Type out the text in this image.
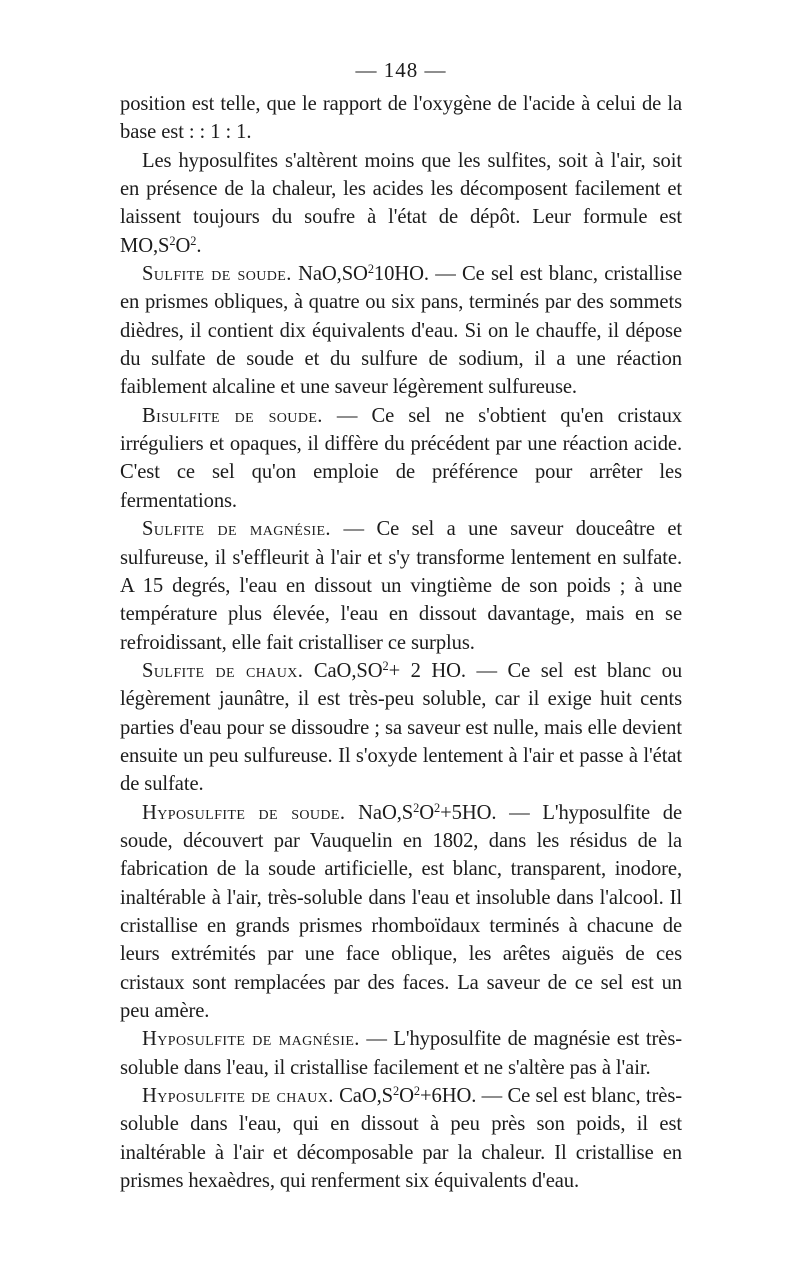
— 148 —

position est telle, que le rapport de l'oxygène de l'acide à celui de la base est : : 1 : 1.

Les hyposulfites s'altèrent moins que les sulfites, soit à l'air, soit en présence de la chaleur, les acides les décomposent facilement et laissent toujours du soufre à l'état de dépôt. Leur formule est $MO,S^2O^2$.

Sulfite de soude. $NaO,SO^210HO$. — Ce sel est blanc, cristallise en prismes obliques, à quatre ou six pans, terminés par des sommets dièdres, il contient dix équivalents d'eau. Si on le chauffe, il dépose du sulfate de soude et du sulfure de sodium, il a une réaction faiblement alcaline et une saveur légèrement sulfureuse.

Bisulfite de soude. — Ce sel ne s'obtient qu'en cristaux irréguliers et opaques, il diffère du précédent par une réaction acide. C'est ce sel qu'on emploie de préférence pour arrêter les fermentations.

Sulfite de magnésie. — Ce sel a une saveur douceâtre et sulfureuse, il s'effleurit à l'air et s'y transforme lentement en sulfate. A 15 degrés, l'eau en dissout un vingtième de son poids ; à une température plus élevée, l'eau en dissout davantage, mais en se refroidissant, elle fait cristalliser ce surplus.

Sulfite de chaux. $CaO,SO^2+ 2$ HO. — Ce sel est blanc ou légèrement jaunâtre, il est très-peu soluble, car il exige huit cents parties d'eau pour se dissoudre ; sa saveur est nulle, mais elle devient ensuite un peu sulfureuse. Il s'oxyde lentement à l'air et passe à l'état de sulfate.

Hyposulfite de soude. $NaO,S^2O^2+5HO$. — L'hyposulfite de soude, découvert par Vauquelin en 1802, dans les résidus de la fabrication de la soude artificielle, est blanc, transparent, inodore, inaltérable à l'air, très-soluble dans l'eau et insoluble dans l'alcool. Il cristallise en grands prismes rhomboïdaux terminés à chacune de leurs extrémités par une face oblique, les arêtes aiguës de ces cristaux sont remplacées par des faces. La saveur de ce sel est un peu amère.

Hyposulfite de magnésie. — L'hyposulfite de magnésie est très-soluble dans l'eau, il cristallise facilement et ne s'altère pas à l'air.

Hyposulfite de chaux. $CaO,S^2O^2+6HO$. — Ce sel est blanc, très-soluble dans l'eau, qui en dissout à peu près son poids, il est inaltérable à l'air et décomposable par la chaleur. Il cristallise en prismes hexaèdres, qui renferment six équivalents d'eau.
